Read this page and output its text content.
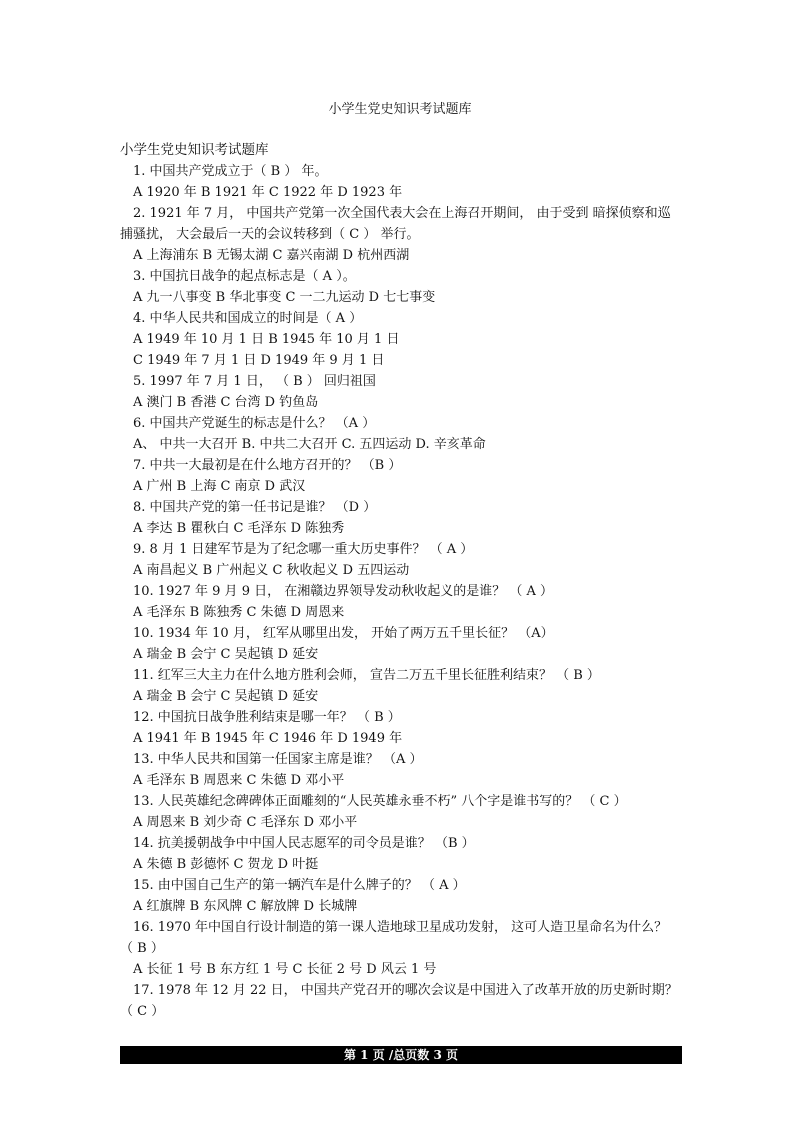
小学生党史知识考试题库
小学生党史知识考试题库
1. 中国共产党成立于（ B ） 年。
A 1920 年 B 1921 年 C 1922 年 D 1923 年
2. 1921 年 7 月， 中国共产党第一次全国代表大会在上海召开期间， 由于受到 暗探侦察和巡
捕骚扰， 大会最后一天的会议转移到（ C ） 举行。
A 上海浦东 B 无锡太湖 C 嘉兴南湖 D 杭州西湖
3. 中国抗日战争的起点标志是（ A ）。
A 九一八事变 B 华北事变 C 一二九运动 D 七七事变
4. 中华人民共和国成立的时间是（ A ）
A 1949 年 10 月 1 日 B 1945 年 10 月 1 日
C 1949 年 7 月 1 日 D 1949 年 9 月 1 日
5. 1997 年 7 月 1 日， （ B ） 回归祖国
A 澳门 B 香港 C 台湾 D 钓鱼岛
6. 中国共产党诞生的标志是什么？ （A ）
A、 中共一大召开 B. 中共二大召开 C. 五四运动 D. 辛亥革命
7. 中共一大最初是在什么地方召开的？ （B ）
A 广州 B 上海 C 南京 D 武汉
8. 中国共产党的第一任书记是谁？ （D ）
A 李达 B 瞿秋白 C 毛泽东 D 陈独秀
9. 8 月 1 日建军节是为了纪念哪一重大历史事件？ （ A ）
A 南昌起义 B 广州起义 C 秋收起义 D 五四运动
10. 1927 年 9 月 9 日， 在湘赣边界领导发动秋收起义的是谁？ （ A ）
A 毛泽东 B 陈独秀 C 朱德 D 周恩来
10. 1934 年 10 月， 红军从哪里出发， 开始了两万五千里长征？ （A）
A 瑞金 B 会宁 C 吴起镇 D 延安
11. 红军三大主力在什么地方胜利会师， 宣告二万五千里长征胜利结束？ （ B ）
A 瑞金 B 会宁 C 吴起镇 D 延安
12. 中国抗日战争胜利结束是哪一年？ （ B ）
A 1941 年 B 1945 年 C 1946 年 D 1949 年
13. 中华人民共和国第一任国家主席是谁？ （A ）
A 毛泽东 B 周恩来 C 朱德 D 邓小平
13. 人民英雄纪念碑碑体正面雕刻的“人民英雄永垂不朽” 八个字是谁书写的？ （ C ）
A 周恩来 B 刘少奇 C 毛泽东 D 邓小平
14. 抗美援朝战争中中国人民志愿军的司令员是谁？ （B ）
A 朱德 B 彭德怀 C 贺龙 D 叶挺
15. 由中国自己生产的第一辆汽车是什么牌子的？ （ A ）
A 红旗牌 B 东风牌 C 解放牌 D 长城牌
16. 1970 年中国自行设计制造的第一课人造地球卫星成功发射， 这可人造卫星命名为什么？
（ B ）
A 长征 1 号 B 东方红 1 号 C 长征 2 号 D 风云 1 号
17. 1978 年 12 月 22 日， 中国共产党召开的哪次会议是中国进入了改革开放的历史新时期？
（ C ）
第 1 页 /总页数 3 页
